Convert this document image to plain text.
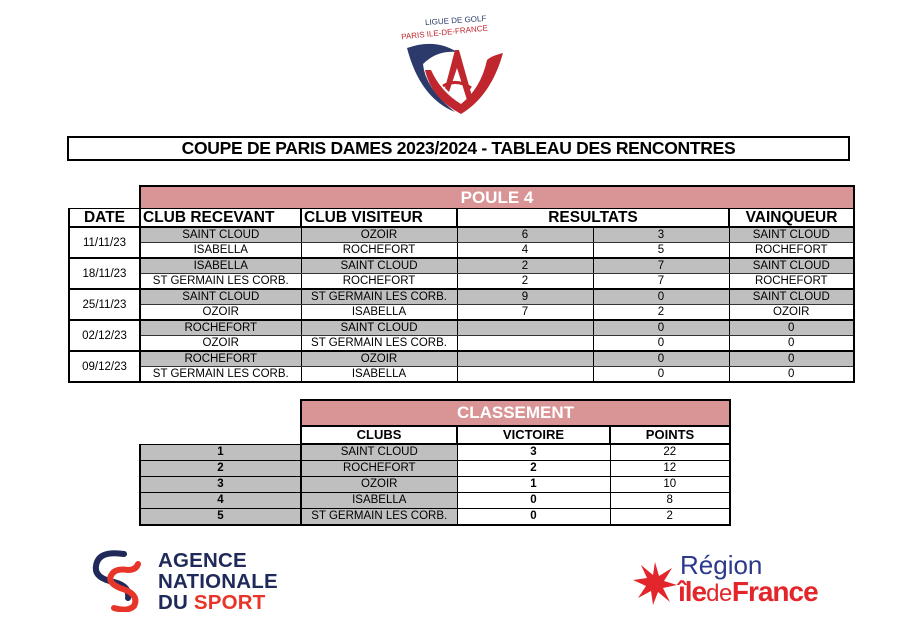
LIGUE DE GOLF
PARIS ILE-DE-FRANCE
COUPE DE PARIS DAMES 2023/2024 - TABLEAU DES RENCONTRES
	POULE 4				
DATE	CLUB RECEVANT	CLUB VISITEUR	RESULTATS		VAINQUEUR
11/11/23	SAINT CLOUD	OZOIR	6	3	SAINT CLOUD
	ISABELLA	ROCHEFORT	4	5	ROCHEFORT
18/11/23	ISABELLA	SAINT CLOUD	2	7	SAINT CLOUD
	ST GERMAIN LES CORB.	ROCHEFORT	2	7	ROCHEFORT
25/11/23	SAINT CLOUD	ST GERMAIN LES CORB.	9	0	SAINT CLOUD
	OZOIR	ISABELLA	7	2	OZOIR
02/12/23	ROCHEFORT	SAINT CLOUD		0	0
	OZOIR	ST GERMAIN LES CORB.		0	0
09/12/23	ROCHEFORT	OZOIR		0	0
	ST GERMAIN LES CORB.	ISABELLA		0	0
	CLASSEMENT		
	CLUBS	VICTOIRE	POINTS
1	SAINT CLOUD	3	22
2	ROCHEFORT	2	12
3	OZOIR	1	10
4	ISABELLA	0	8
5	ST GERMAIN LES CORB.	0	2
AGENCE
NATIONALE
DU SPORT
Région
îledeFrance
